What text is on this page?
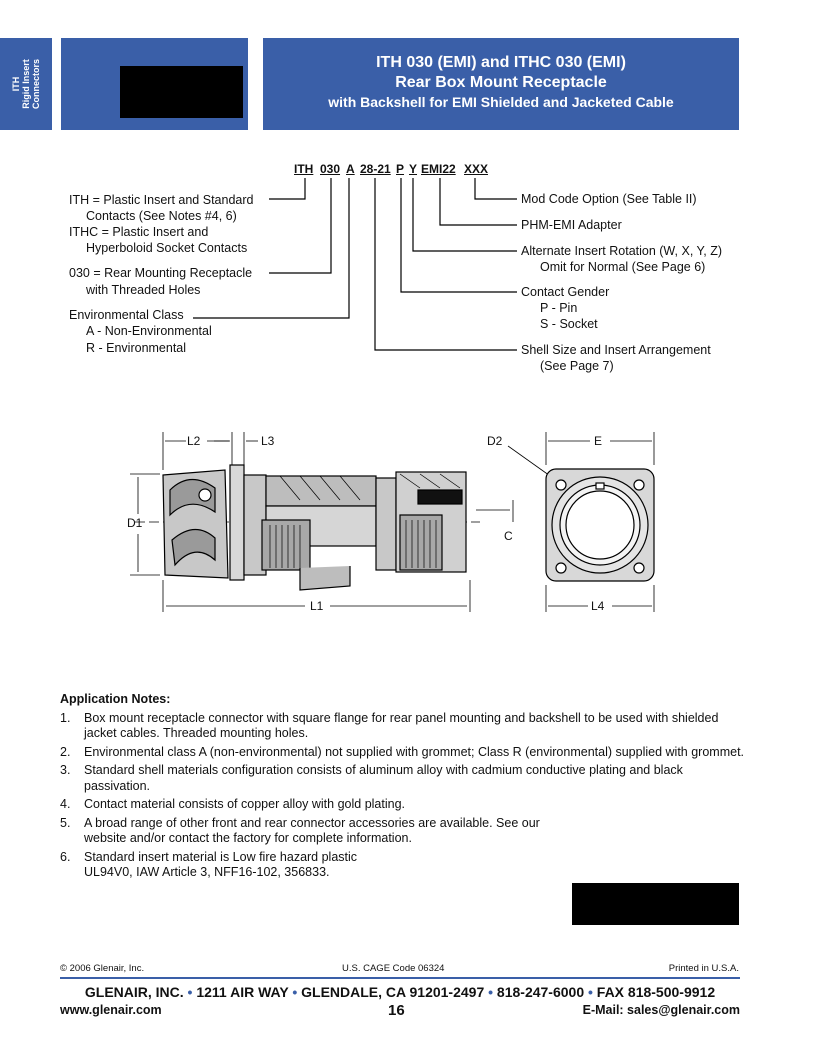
ITH Rigid Insert Connectors	ITH 030 (EMI) and ITHC 030 (EMI)
Rear Box Mount Receptacle
with Backshell for EMI Shielded and Jacketed Cable
ITH 030 A 28-21 P Y EMI22 XXX
ITH = Plastic Insert and Standard
Contacts (See Notes #4, 6)
ITHC = Plastic Insert and
Hyperboloid Socket Contacts
030 = Rear Mounting Receptacle
with Threaded Holes
Environmental Class
A - Non-Environmental
R - Environmental
Mod Code Option (See Table II)
PHM-EMI Adapter
Alternate Insert Rotation (W, X, Y, Z)
Omit for Normal (See Page 6)
Contact Gender
P - Pin
S - Socket
Shell Size and Insert Arrangement
(See Page 7)
L2	L3
D1
L1
C
D2	E
L4
Application Notes:
1. Box mount receptacle connector with square flange for rear panel mounting and backshell to be used with shielded jacket cables. Threaded mounting holes.
2. Environmental class A (non-environmental) not supplied with grommet; Class R (environmental) supplied with grommet.
3. Standard shell materials configuration consists of aluminum alloy with cadmium conductive plating and black passivation.
4. Contact material consists of copper alloy with gold plating.
5. A broad range of other front and rear connector accessories are available. See our website and/or contact the factory for complete information.
6. Standard insert material is Low fire hazard plastic UL94V0, IAW Article 3, NFF16-102, 356833.
© 2006 Glenair, Inc.	U.S. CAGE Code 06324	Printed in U.S.A.
GLENAIR, INC. • 1211 AIR WAY • GLENDALE, CA 91201-2497 • 818-247-6000 • FAX 818-500-9912
www.glenair.com	16	E-Mail: sales@glenair.com
